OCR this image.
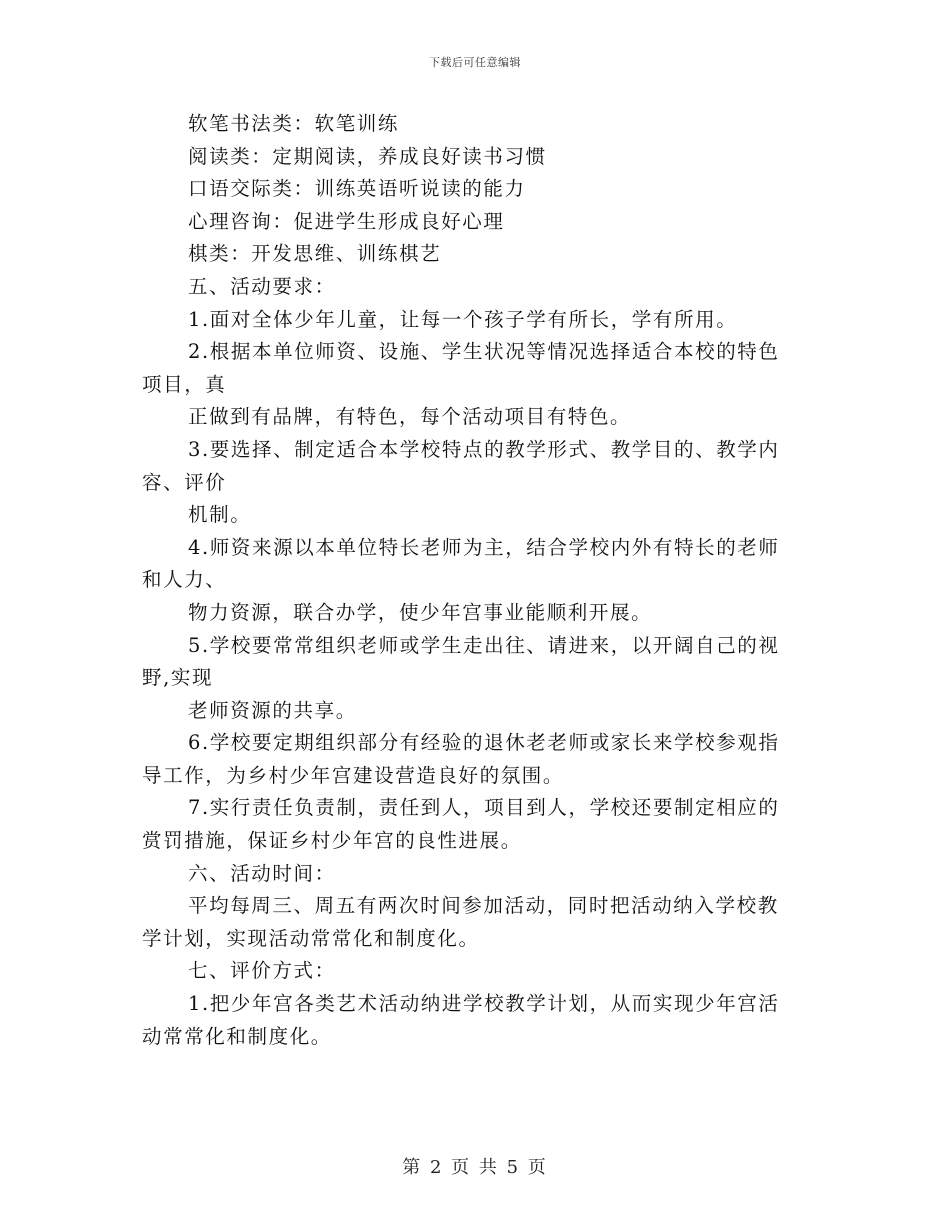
下载后可任意编辑
软笔书法类：软笔训练
阅读类：定期阅读，养成良好读书习惯
口语交际类：训练英语听说读的能力
心理咨询：促进学生形成良好心理
棋类：开发思维、训练棋艺
五、活动要求：
1.面对全体少年儿童，让每一个孩子学有所长，学有所用。
2.根据本单位师资、设施、学生状况等情况选择适合本校的特色
项目，真
正做到有品牌，有特色，每个活动项目有特色。
3.要选择、制定适合本学校特点的教学形式、教学目的、教学内
容、评价
机制。
4.师资来源以本单位特长老师为主，结合学校内外有特长的老师
和人力、
物力资源，联合办学，使少年宫事业能顺利开展。
5.学校要常常组织老师或学生走出往、请进来，以开阔自己的视
野,实现
老师资源的共享。
6.学校要定期组织部分有经验的退休老老师或家长来学校参观指
导工作，为乡村少年宫建设营造良好的氛围。
7.实行责任负责制，责任到人，项目到人，学校还要制定相应的
赏罚措施，保证乡村少年宫的良性进展。
六、活动时间：
平均每周三、周五有两次时间参加活动，同时把活动纳入学校教
学计划，实现活动常常化和制度化。
七、评价方式：
1.把少年宫各类艺术活动纳进学校教学计划，从而实现少年宫活
动常常化和制度化。
第 2 页 共 5 页
